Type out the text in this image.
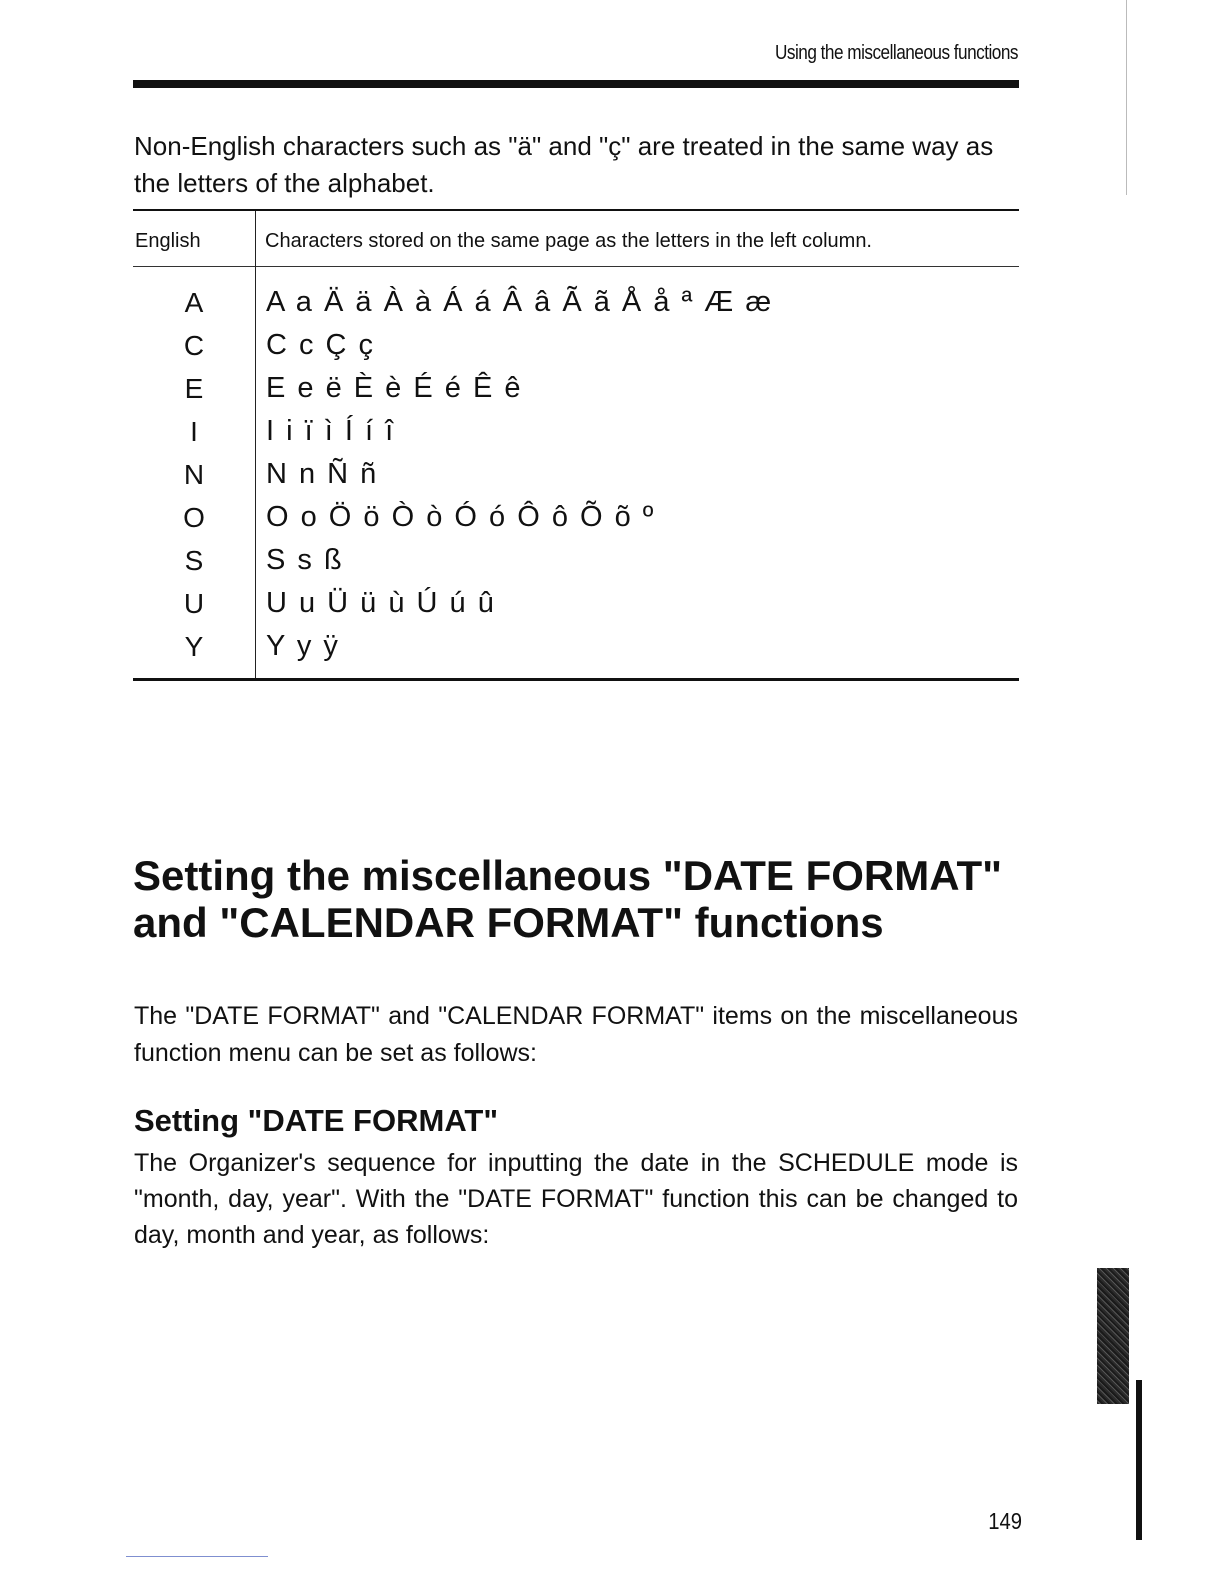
Using the miscellaneous functions

Non-English characters such as "ä" and "ç" are treated in the same way as the letters of the alphabet.

English	Characters stored on the same page as the letters in the left column.
A	A a Ä ä À à Á á Â â Ã ã Å å ª Æ æ
C	C c Ç ç
E	E e ë È è É é Ê ê
I	I i ï ì Í í î
N	N n Ñ ñ
O	O o Ö ö Ò ò Ó ó Ô ô Õ õ º
S	S s ß
U	U u Ü ü ù Ú ú û
Y	Y y ÿ
Setting the miscellaneous "DATE FORMAT" and "CALENDAR FORMAT" functions

The "DATE FORMAT" and "CALENDAR FORMAT" items on the miscellaneous function menu can be set as follows:

Setting "DATE FORMAT"

The Organizer's sequence for inputting the date in the SCHEDULE mode is "month, day, year". With the "DATE FORMAT" function this can be changed to day, month and year, as follows:

149
